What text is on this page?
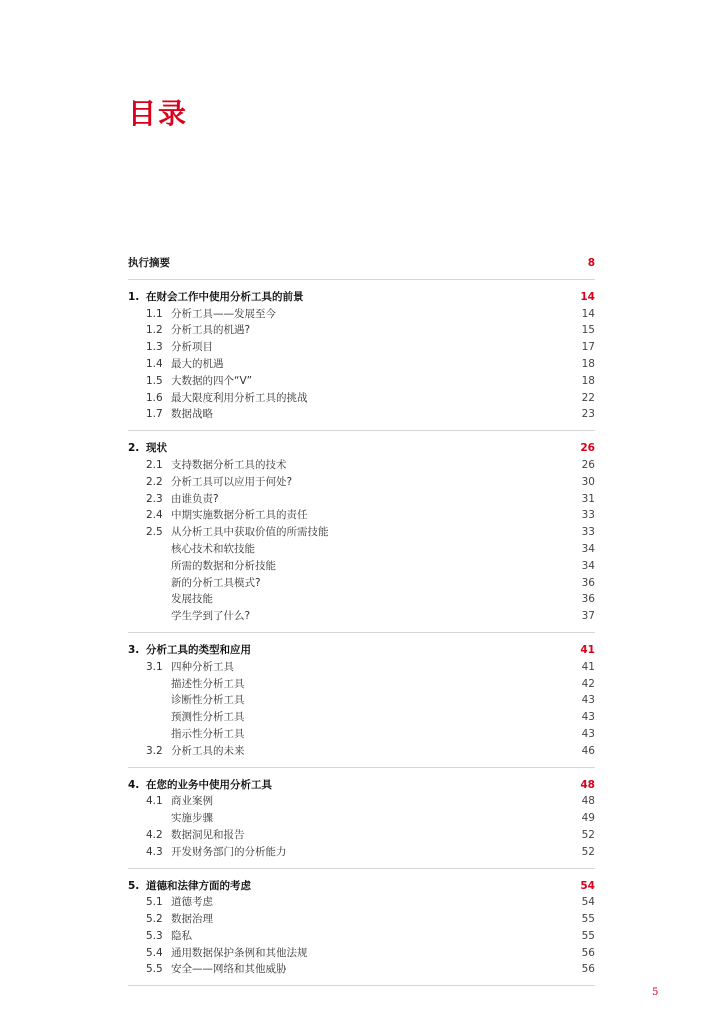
目录
执行摘要	8
1. 在财会工作中使用分析工具的前景	14
1.1 分析工具——发展至今	14
1.2 分析工具的机遇?	15
1.3 分析项目	17
1.4 最大的机遇	18
1.5 大数据的四个“V”	18
1.6 最大限度利用分析工具的挑战	22
1.7 数据战略	23
2. 现状	26
2.1 支持数据分析工具的技术	26
2.2 分析工具可以应用于何处?	30
2.3 由谁负责?	31
2.4 中期实施数据分析工具的责任	33
2.5 从分析工具中获取价值的所需技能	33
核心技术和软技能	34
所需的数据和分析技能	34
新的分析工具模式?	36
发展技能	36
学生学到了什么?	37
3. 分析工具的类型和应用	41
3.1 四种分析工具	41
描述性分析工具	42
诊断性分析工具	43
预测性分析工具	43
指示性分析工具	43
3.2 分析工具的未来	46
4. 在您的业务中使用分析工具	48
4.1 商业案例	48
实施步骤	49
4.2 数据洞见和报告	52
4.3 开发财务部门的分析能力	52
5. 道德和法律方面的考虑	54
5.1 道德考虑	54
5.2 数据治理	55
5.3 隐私	55
5.4 通用数据保护条例和其他法规	56
5.5 安全——网络和其他威胁	56
5
